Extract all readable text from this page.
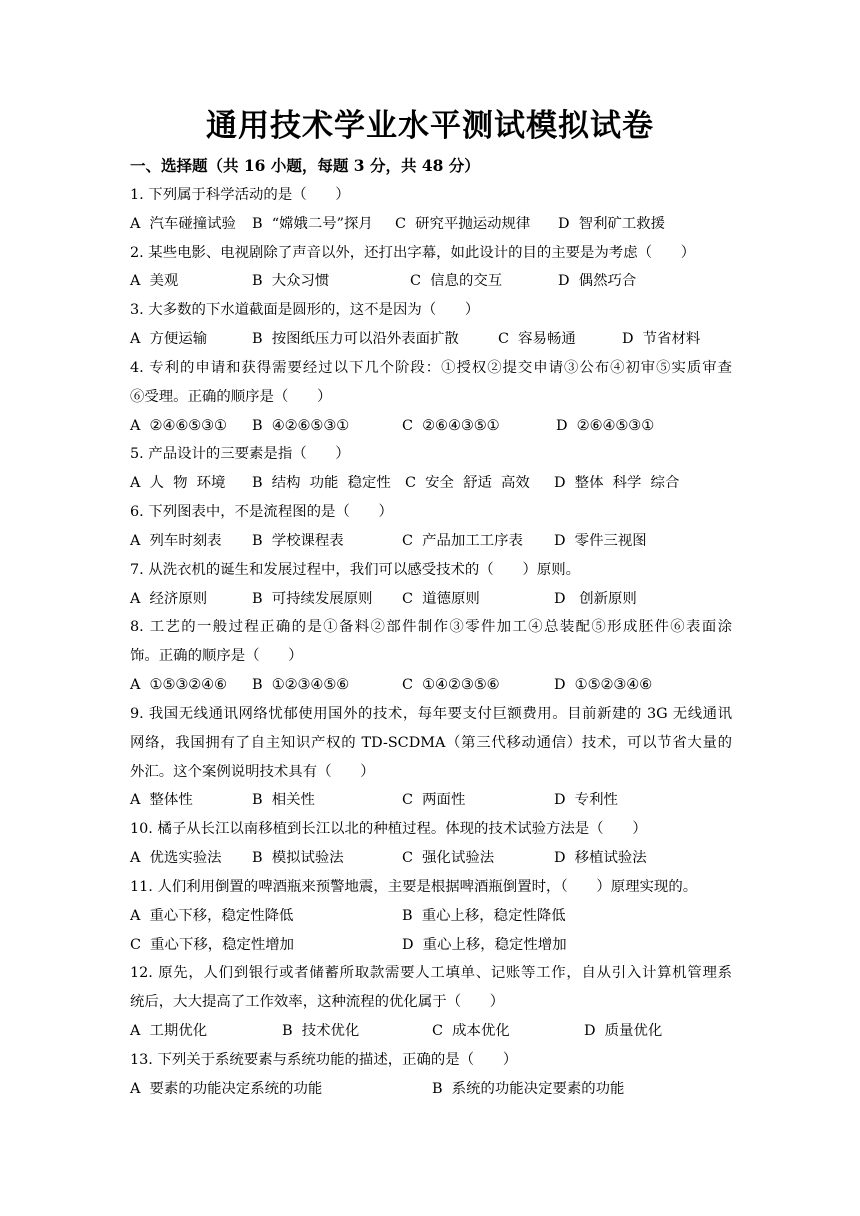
通用技术学业水平测试模拟试卷
一、选择题（共 16 小题，每题 3 分，共 48 分）
1. 下列属于科学活动的是（　　）
A  汽车碰撞试验 B  “嫦娥二号”探月 C  研究平抛运动规律 D  智利矿工救援
2. 某些电影、电视剧除了声音以外，还打出字幕，如此设计的目的主要是为考虑（　　）
A  美观	B  大众习惯	C  信息的交互	D  偶然巧合
3. 大多数的下水道截面是圆形的，这不是因为（　　）
A  方便运输	B  按图纸压力可以沿外表面扩散	C  容易畅通	D  节省材料
4. 专利的申请和获得需要经过以下几个阶段：①授权②提交申请③公布④初审⑤实质审查
⑥受理。正确的顺序是（　　）
A  ②④⑥⑤③① B  ④②⑥⑤③①	C  ②⑥④③⑤①	D  ②⑥④⑤③①
5. 产品设计的三要素是指（　　）
A  人  物  环境 B  结构  功能  稳定性 C  安全  舒适  高效 D  整体  科学  综合
6. 下列图表中，不是流程图的是（　　）
A  列车时刻表 B  学校课程表	C  产品加工工序表 D  零件三视图
7. 从洗衣机的诞生和发展过程中，我们可以感受技术的（　　）原则。
A  经济原则	B  可持续发展原则 C  道德原则	D   创新原则
8. 工艺的一般过程正确的是①备料②部件制作③零件加工④总装配⑤形成胚件⑥表面涂
饰。正确的顺序是（　　）
A  ①⑤③②④⑥ B  ①②③④⑤⑥	C  ①④②③⑤⑥	D  ①⑤②③④⑥
9. 我国无线通讯网络忧郁使用国外的技术，每年要支付巨额费用。目前新建的 3G 无线通讯
网络，我国拥有了自主知识产权的 TD-SCDMA（第三代移动通信）技术，可以节省大量的
外汇。这个案例说明技术具有（　　）
A  整体性	B  相关性	C  两面性	D  专利性
10. 橘子从长江以南移植到长江以北的种植过程。体现的技术试验方法是（　　）
A  优选实验法 B  模拟试验法	C  强化试验法	D  移植试验法
11. 人们利用倒置的啤酒瓶来预警地震，主要是根据啤酒瓶倒置时，（　　）原理实现的。
A  重心下移，稳定性降低	B  重心上移，稳定性降低
C  重心下移，稳定性增加	D  重心上移，稳定性增加
12. 原先，人们到银行或者储蓄所取款需要人工填单、记账等工作，自从引入计算机管理系
统后，大大提高了工作效率，这种流程的优化属于（　　）
A  工期优化	B  技术优化	C  成本优化	D  质量优化
13. 下列关于系统要素与系统功能的描述，正确的是（　　）
A  要素的功能决定系统的功能	B  系统的功能决定要素的功能
